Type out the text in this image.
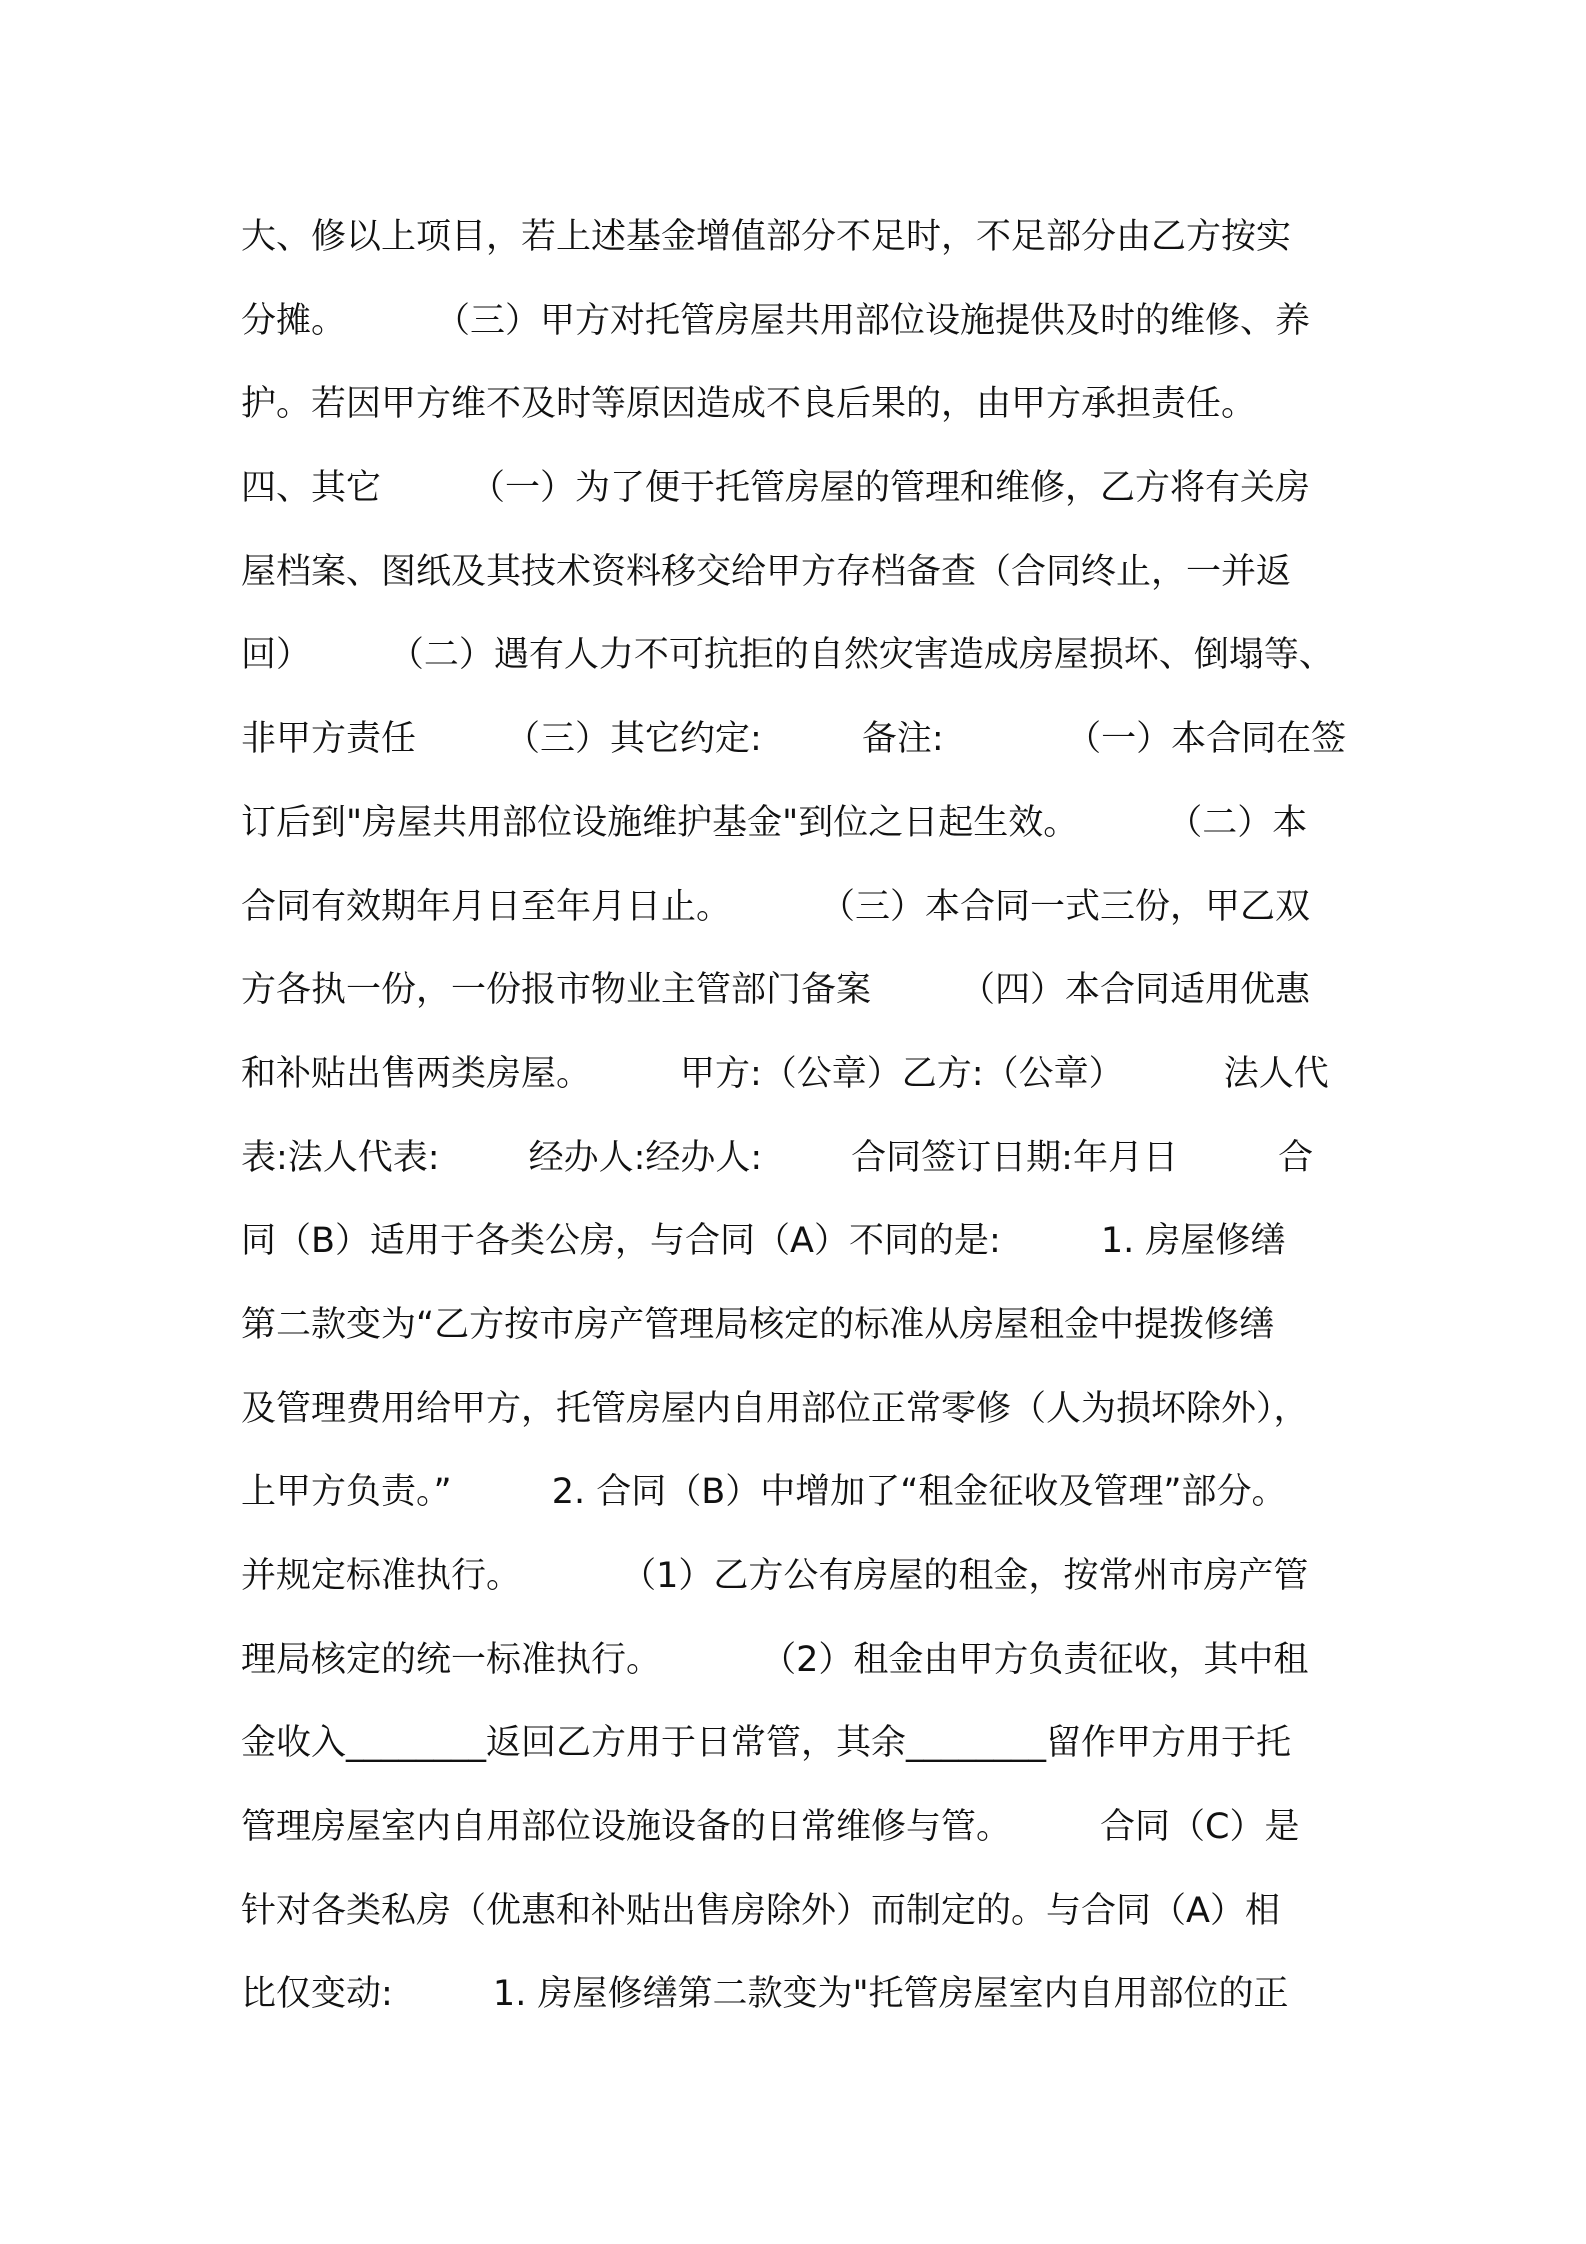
大、修以上项目，若上述基金增值部分不足时，不足部分由乙方按实
分摊。        （三）甲方对托管房屋共用部位设施提供及时的维修、养
护。若因甲方维不及时等原因造成不良后果的，由甲方承担责任。
四、其它        （一）为了便于托管房屋的管理和维修，乙方将有关房
屋档案、图纸及其技术资料移交给甲方存档备查（合同终止，一并返
回）       （二）遇有人力不可抗拒的自然灾害造成房屋损坏、倒塌等、
非甲方责任        （三）其它约定:         备注:           （一）本合同在签
订后到"房屋共用部位设施维护基金"到位之日起生效。        （二）本
合同有效期年月日至年月日止。        （三）本合同一式三份，甲乙双
方各执一份，一份报市物业主管部门备案        （四）本合同适用优惠
和补贴出售两类房屋。        甲方:（公章）乙方:（公章）         法人代
表:法人代表:        经办人:经办人:        合同签订日期:年月日         合
同（B）适用于各类公房，与合同（A）不同的是:         1. 房屋修缮
第二款变为“乙方按市房产管理局核定的标准从房屋租金中提拨修缮
及管理费用给甲方，托管房屋内自用部位正常零修（人为损坏除外），
上甲方负责。”         2. 合同（B）中增加了“租金征收及管理”部分。
并规定标准执行。         （1）乙方公有房屋的租金，按常州市房产管
理局核定的统一标准执行。         （2）租金由甲方负责征收，其中租
金收入________返回乙方用于日常管，其余________留作甲方用于托
管理房屋室内自用部位设施设备的日常维修与管。        合同（C）是
针对各类私房（优惠和补贴出售房除外）而制定的。与合同（A）相
比仅变动:         1. 房屋修缮第二款变为"托管房屋室内自用部位的正
